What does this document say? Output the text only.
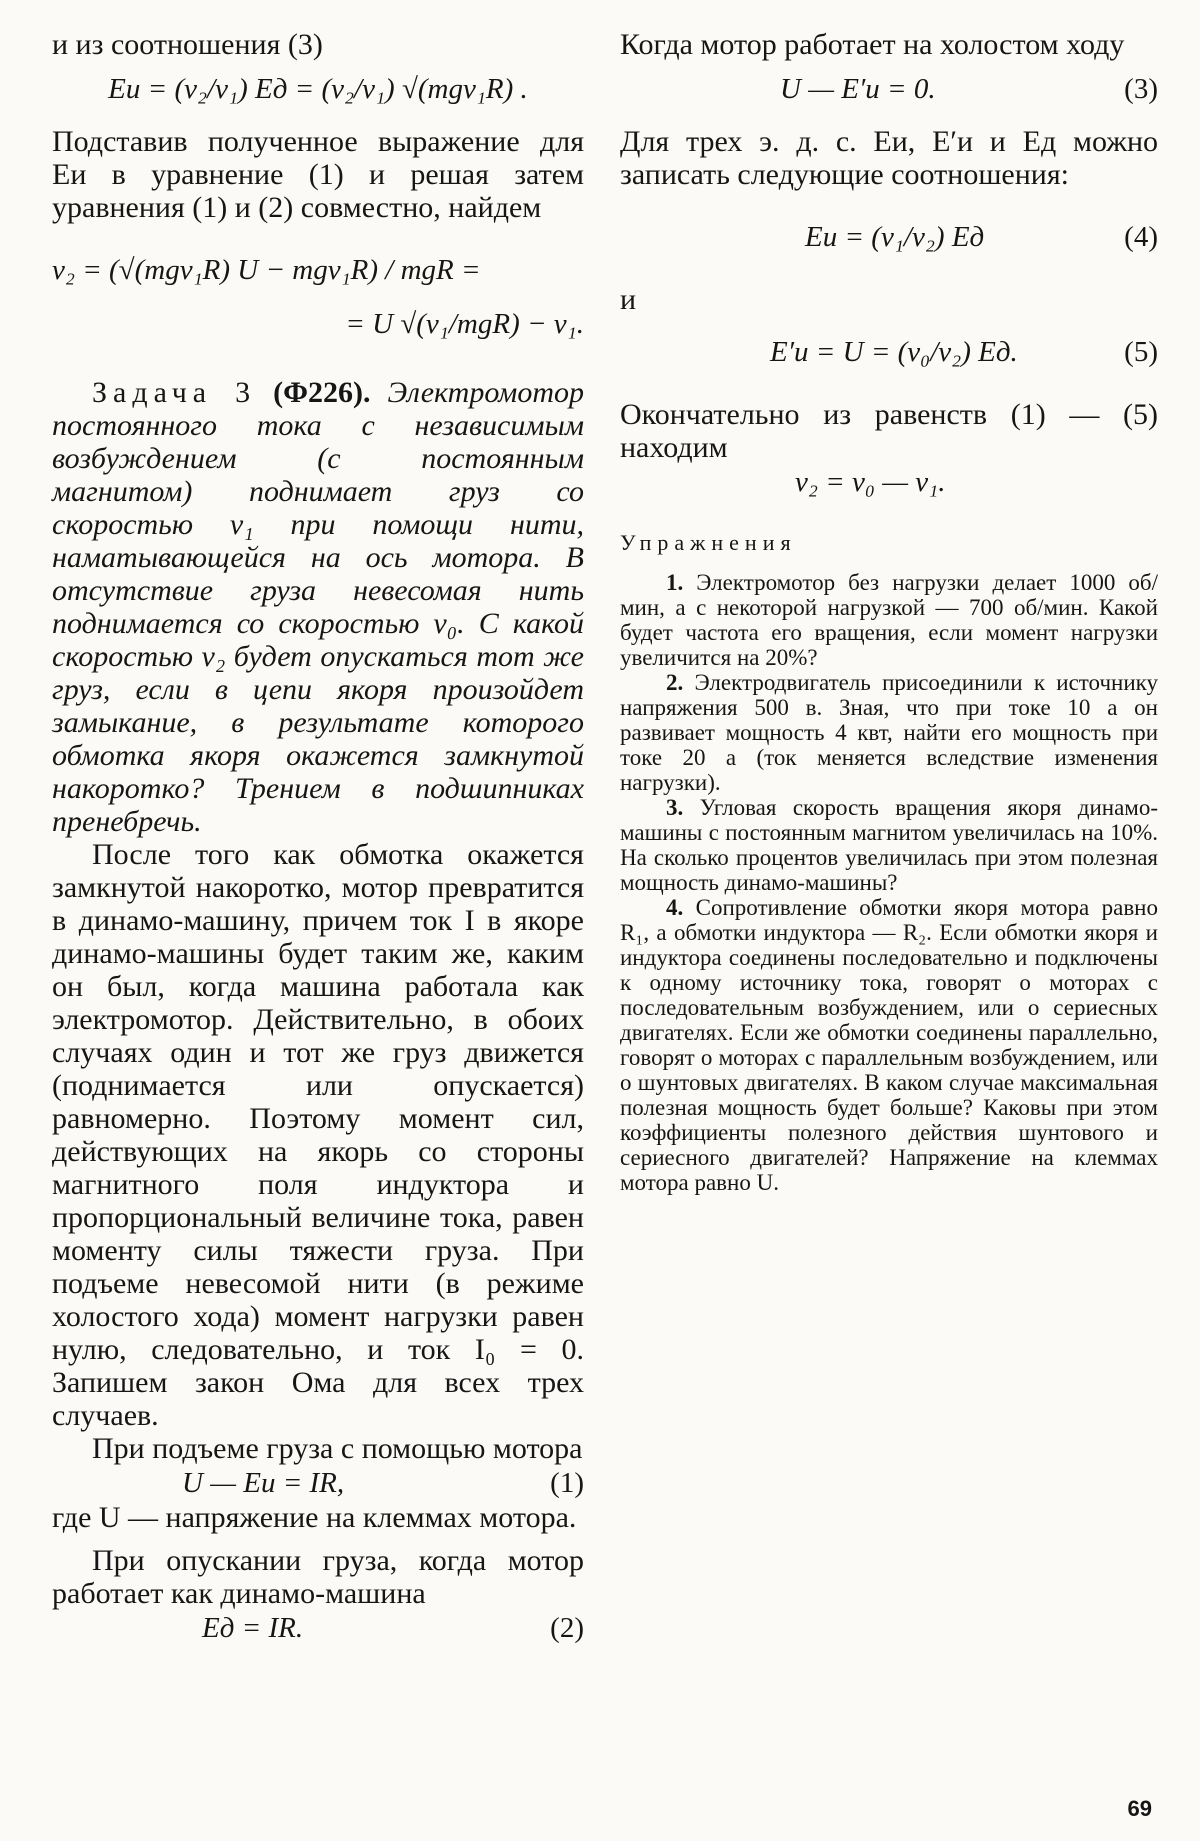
и из соотношения (3)

Eи = (v₂/v₁) Eд = (v₂/v₁) √(mgv₁R) .

Подставив полученное выражение для Eи в уравнение (1) и решая затем уравнения (1) и (2) совместно, найдем

v₂ = (√(mgv₁R) U − mgv₁R) / mgR =

= U √(v₁/mgR) − v₁.

Задача 3 (Φ226). Электромотор постоянного тока с независимым возбуждением (с постоянным магнитом) поднимает груз со скоростью v₁ при помощи нити, наматывающейся на ось мотора. В отсутствие груза невесомая нить поднимается со скоростью v₀. С какой скоростью v₂ будет опускаться тот же груз, если в цепи якоря произойдет замыкание, в результате которого обмотка якоря окажется замкнутой накоротко? Трением в подшипниках пренебречь.

После того как обмотка окажется замкнутой накоротко, мотор превратится в динамо-машину, причем ток I в якоре динамо-машины будет таким же, каким он был, когда машина работала как электромотор. Действительно, в обоих случаях один и тот же груз движется (поднимается или опускается) равномерно. Поэтому момент сил, действующих на якорь со стороны магнитного поля индуктора и пропорциональный величине тока, равен моменту силы тяжести груза. При подъеме невесомой нити (в режиме холостого хода) момент нагрузки равен нулю, следовательно, и ток I₀ = 0. Запишем закон Ома для всех трех случаев.

При подъеме груза с помощью мотора

U — Eи = IR,	(1)

где U — напряжение на клеммах мотора.

При опускании груза, когда мотор работает как динамо-машина

Eд = IR.	(2)

Когда мотор работает на холостом ходу

U — E′и = 0.	(3)

Для трех э. д. с. Eи, E′и и Eд можно записать следующие соотношения:

Eи = (v₁/v₂) Eд	(4)

и

E′и = U = (v₀/v₂) Eд.	(5)

Окончательно из равенств (1) — (5) находим

v₂ = v₀ — v₁.

Упражнения

1. Электромотор без нагрузки делает 1000 об/мин, а с некоторой нагрузкой — 700 об/мин. Какой будет частота его вращения, если момент нагрузки увеличится на 20%?

2. Электродвигатель присоединили к источнику напряжения 500 в. Зная, что при токе 10 а он развивает мощность 4 квт, найти его мощность при токе 20 а (ток меняется вследствие изменения нагрузки).

3. Угловая скорость вращения якоря динамо-машины с постоянным магнитом увеличилась на 10%. На сколько процентов увеличилась при этом полезная мощность динамо-машины?

4. Сопротивление обмотки якоря мотора равно R₁, а обмотки индуктора — R₂. Если обмотки якоря и индуктора соединены последовательно и подключены к одному источнику тока, говорят о моторах с последовательным возбуждением, или о сериесных двигателях. Если же обмотки соединены параллельно, говорят о моторах с параллельным возбуждением, или о шунтовых двигателях. В каком случае максимальная полезная мощность будет больше? Каковы при этом коэффициенты полезного действия шунтового и сериесного двигателей? Напряжение на клеммах мотора равно U.

69
